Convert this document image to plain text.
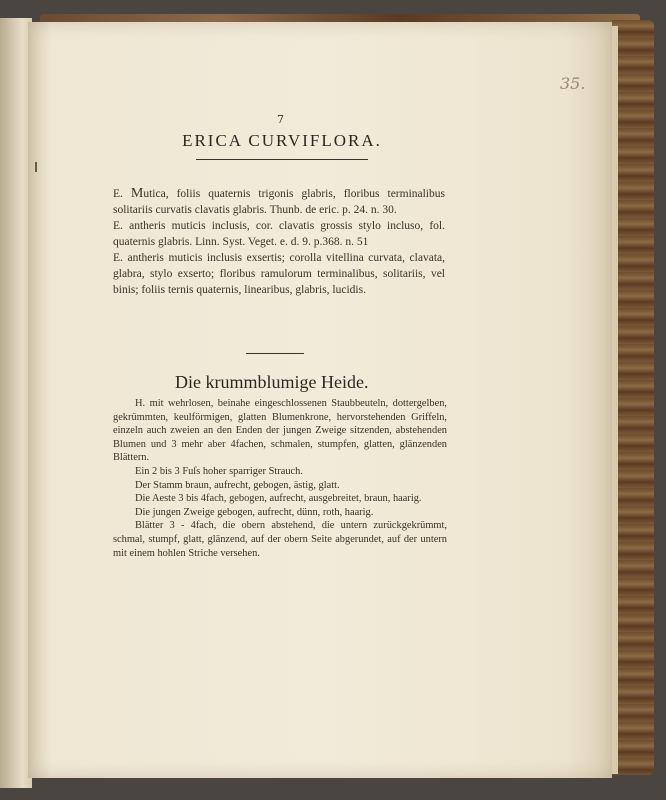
35.
7
ERICA CURVIFLORA.

E. Mutica, foliis quaternis trigonis glabris, floribus terminalibus solitariis curvatis clavatis glabris. Thunb. de eric. p. 24. n. 30.

E. antheris muticis inclusis, cor. clavatis grossis stylo incluso, fol. quaternis glabris. Linn. Syst. Veget. e. d. 9. p.368. n. 51

E. antheris muticis inclusis exsertis; corolla vitellina curvata, clavata, glabra, stylo exserto; floribus ramulorum terminalibus, solitariis, vel binis; foliis ternis quaternis, linearibus, glabris, lucidis.

Die krummblumige Heide.

H. mit wehrlosen, beinahe eingeschlossenen Staubbeuteln, dottergelben, gekrümmten, keulförmigen, glatten Blumenkrone, hervorstehenden Griffeln, einzeln auch zweien an den Enden der jungen Zweige sitzenden, abstehenden Blumen und 3 mehr aber 4fachen, schmalen, stumpfen, glatten, glänzenden Blättern.

Ein 2 bis 3 Fuſs hoher sparriger Strauch.

Der Stamm braun, aufrecht, gebogen, ästig, glatt.

Die Aeste 3 bis 4fach, gebogen, aufrecht, ausgebreitet, braun, haarig.

Die jungen Zweige gebogen, aufrecht, dünn, roth, haarig.

Blätter 3 - 4fach, die obern abstehend, die untern zurückgekrümmt, schmal, stumpf, glatt, glänzend, auf der obern Seite abgerundet, auf der untern mit einem hohlen Striche versehen.
